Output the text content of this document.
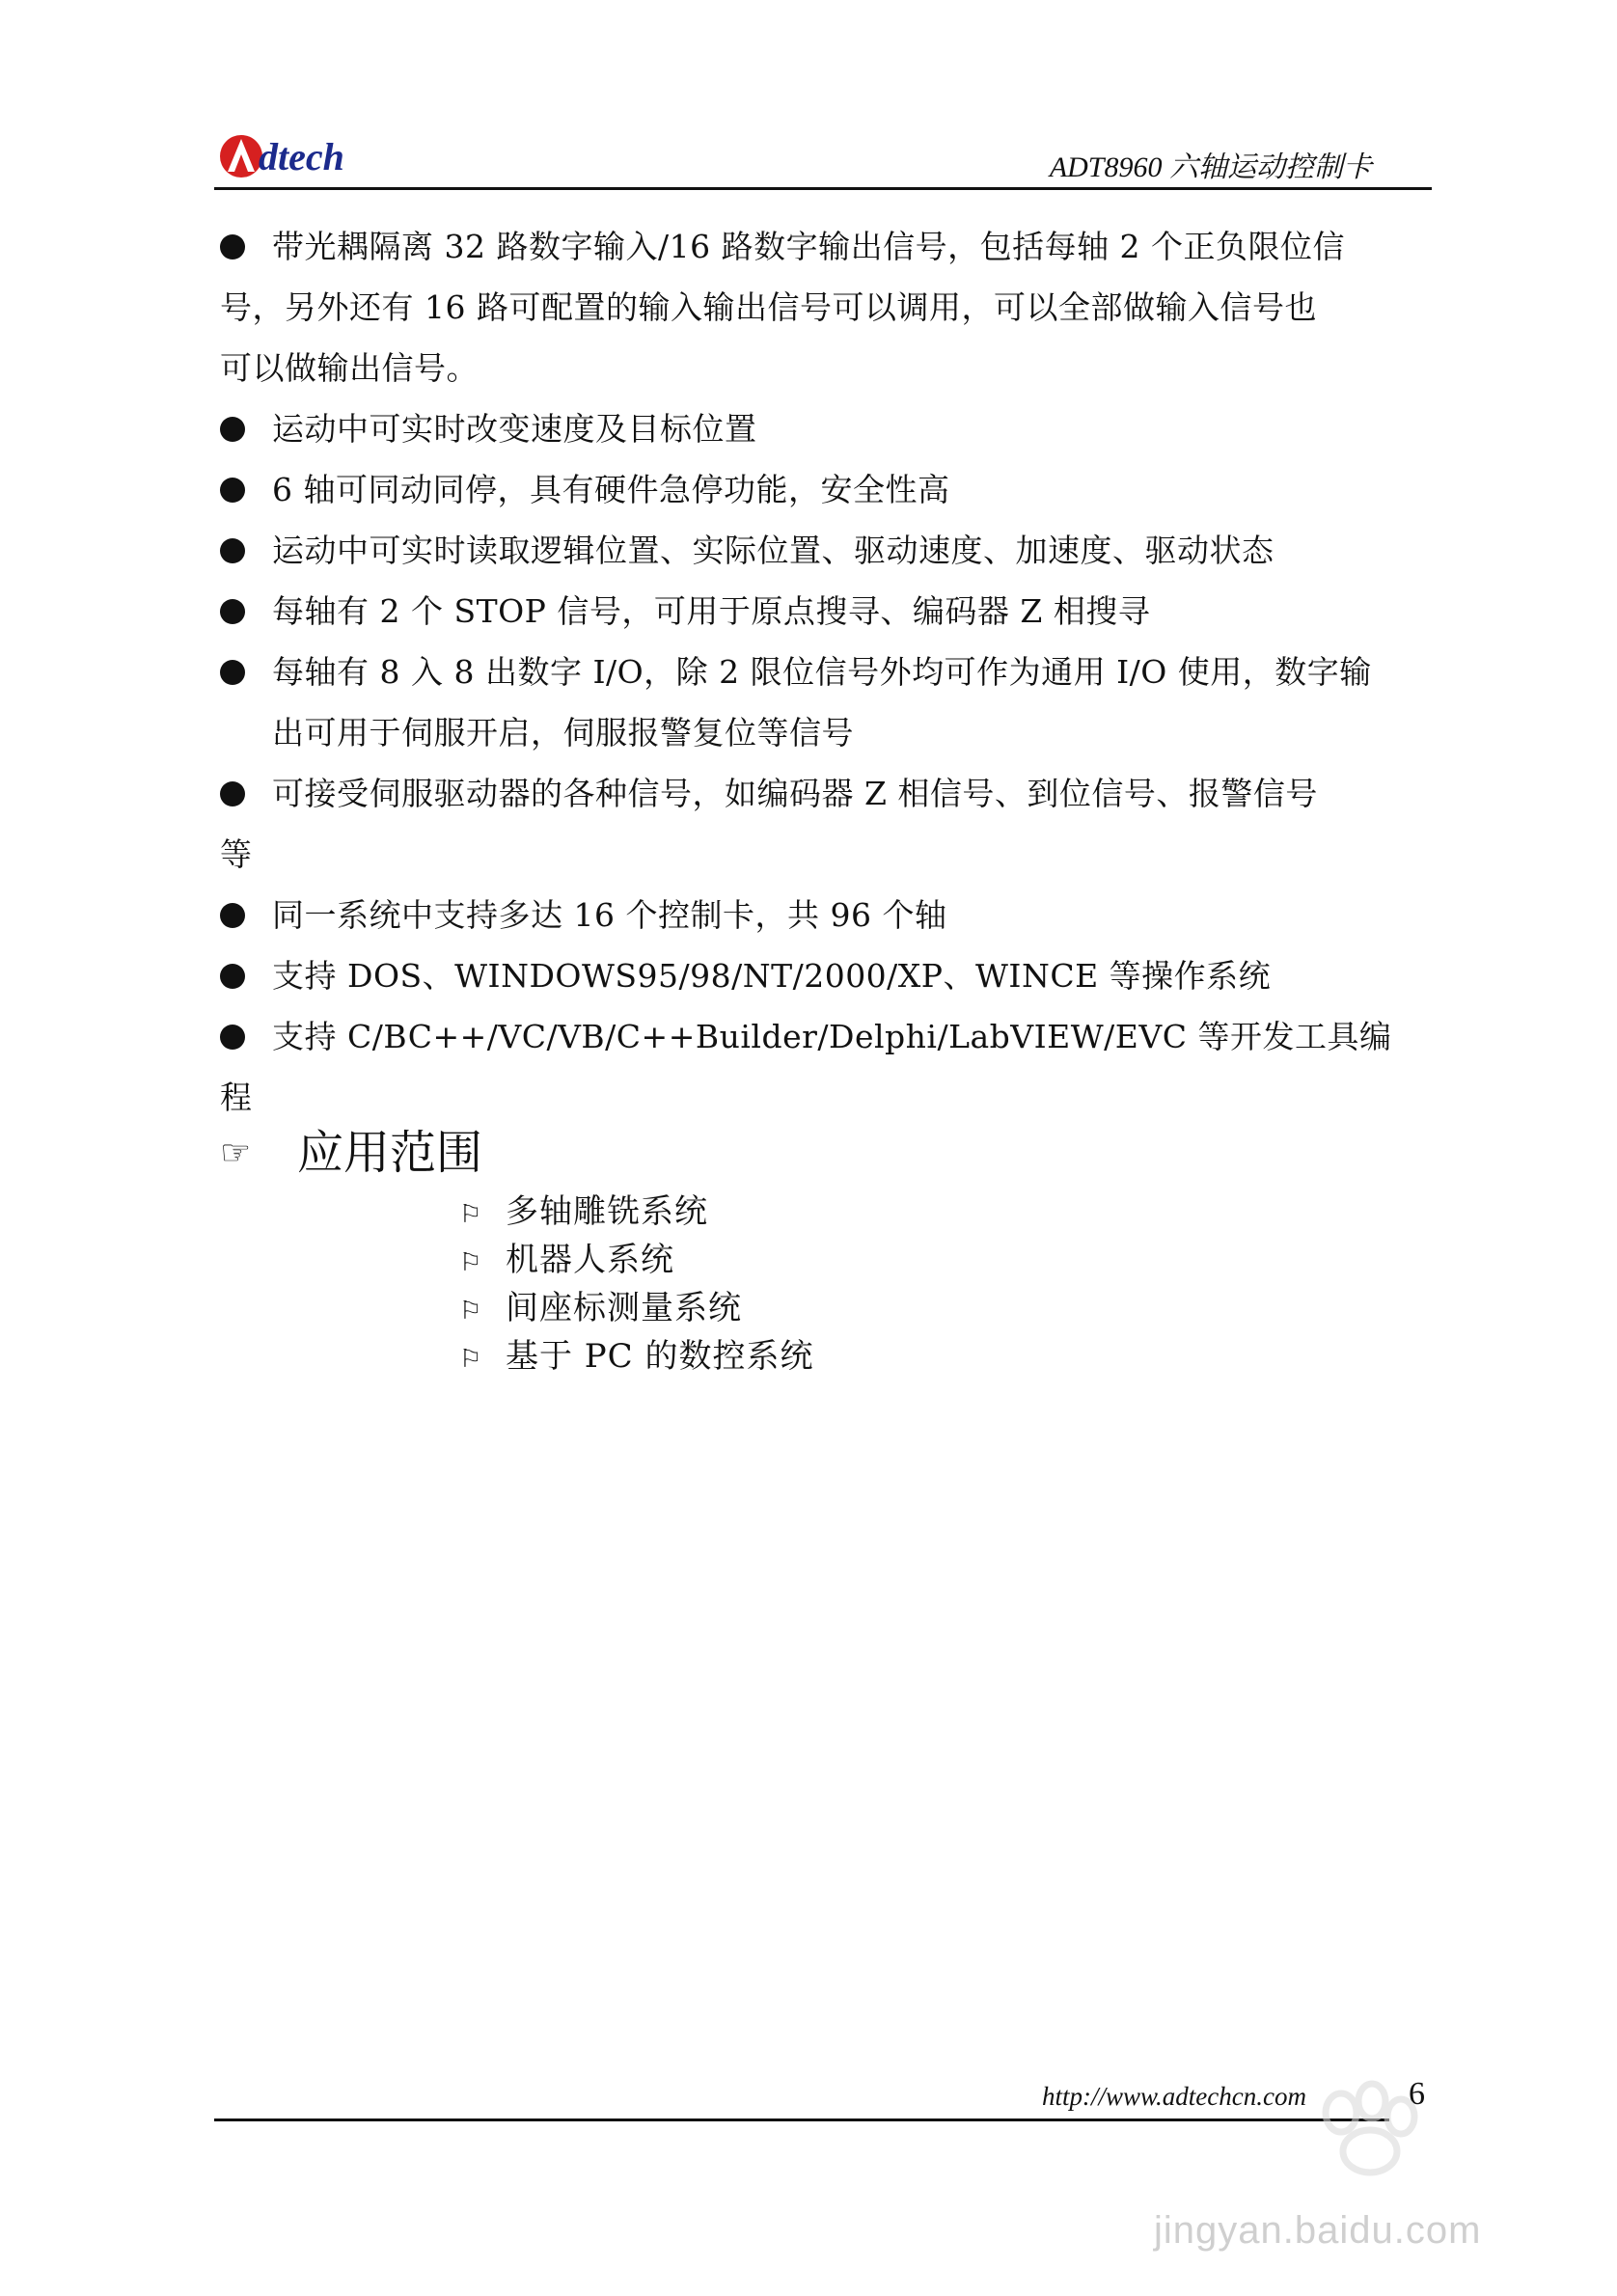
dtech	ADT8960 六轴运动控制卡

带光耦隔离 32 路数字输入/16 路数字输出信号，包括每轴 2 个正负限位信
号，另外还有 16 路可配置的输入输出信号可以调用，可以全部做输入信号也
可以做输出信号。

运动中可实时改变速度及目标位置

6 轴可同动同停，具有硬件急停功能，安全性高

运动中可实时读取逻辑位置、实际位置、驱动速度、加速度、驱动状态

每轴有 2 个 STOP 信号，可用于原点搜寻、编码器 Z 相搜寻

每轴有 8 入 8 出数字 I/O，除 2 限位信号外均可作为通用 I/O 使用，数字输
出可用于伺服开启，伺服报警复位等信号

可接受伺服驱动器的各种信号，如编码器 Z 相信号、到位信号、报警信号
等

同一系统中支持多达 16 个控制卡，共 96 个轴

支持 DOS、WINDOWS95/98/NT/2000/XP、WINCE 等操作系统

支持 C/BC++/VC/VB/C++Builder/Delphi/LabVIEW/EVC 等开发工具编程

☞ 应用范围

⚐ 多轴雕铣系统
⚐ 机器人系统
⚐ 间座标测量系统
⚐ 基于 PC 的数控系统
http://www.adtechcn.com	6
jingyan.baidu.com
